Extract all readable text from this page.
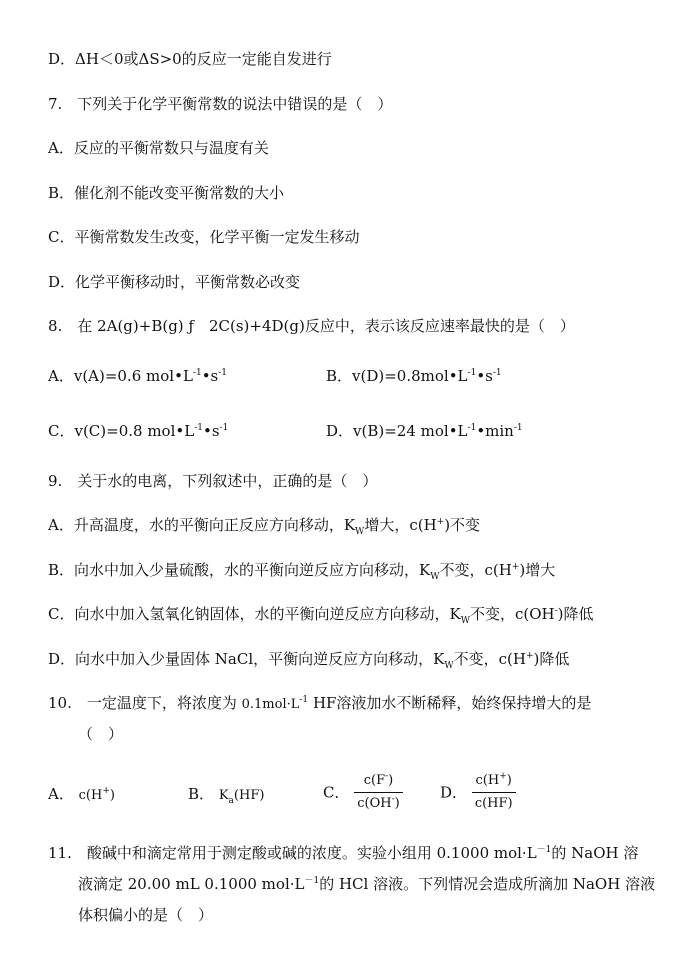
D．ΔH＜0或ΔS>0的反应一定能自发进行
7.　下列关于化学平衡常数的说法中错误的是（　）
A．反应的平衡常数只与温度有关
B．催化剂不能改变平衡常数的大小
C．平衡常数发生改变，化学平衡一定发生移动
D．化学平衡移动时，平衡常数必改变
8.　在 2A(g)+B(g) ƒ　2C(s)+4D(g)反应中，表示该反应速率最快的是（　）
A．v(A)=0.6 $mol•L^{-1}•s^{-1}$	B．$v(D)=0.8mol•L^{-1}•s^{-1}$
C．v(C)=0.8 $mol•L^{-1}•s^{-1}$	D．v(B)=24 $mol•L^{-1}•\min^{-1}$
9.　关于水的电离，下列叙述中，正确的是（　）
A．升高温度，水的平衡向正反应方向移动，$K_W$增大，c(H+)不变
B．向水中加入少量硫酸，水的平衡向逆反应方向移动，$K_W$不变，c(H+)增大
C．向水中加入氢氧化钠固体，水的平衡向逆反应方向移动，$K_W$不变，c(OH-)降低
D．向水中加入少量固体 NaCl，平衡向逆反应方向移动，$K_W$不变，c(H+)降低
10.　一定温度下，将浓度为 $0.1mol\cdot L^{-1}$ HF溶液加水不断稀释，始终保持增大的是
（　）
A． c(H+)	B． $K_a(HF)$	C． $\frac{c(F^-)}{c(OH^-)}$ D． $\frac{c(H^+)}{c(HF)}$
11.　酸碱中和滴定常用于测定酸或碱的浓度。实验小组用 0.1000 $mol\cdot L^{-1}$的 NaOH 溶
液滴定 20.00 mL 0.1000 $mol\cdot L^{-1}$的 HCl 溶液。下列情况会造成所滴加 NaOH 溶液
体积偏小的是（　）
